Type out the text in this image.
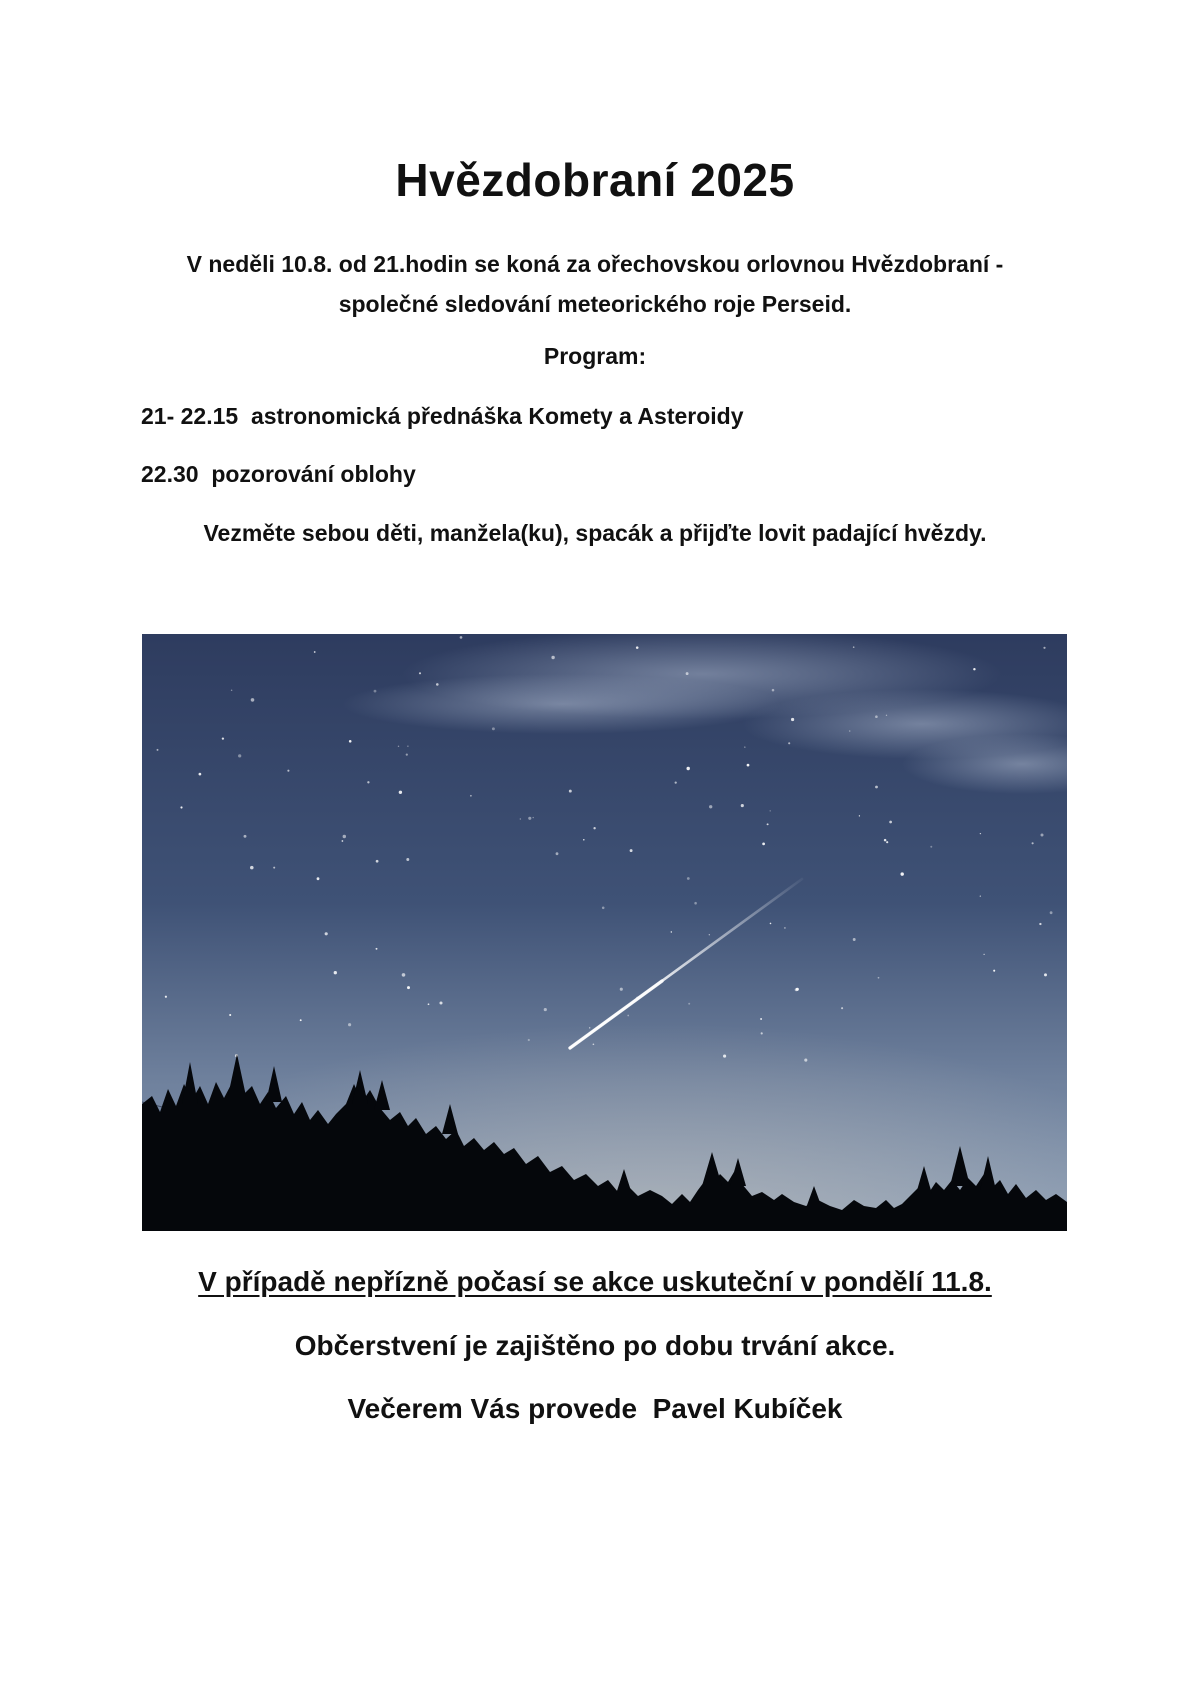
Hvězdobraní 2025
V neděli 10.8. od 21.hodin se koná za ořechovskou orlovnou Hvězdobraní -
společné sledování meteorického roje Perseid.
Program:
21- 22.15  astronomická přednáška Komety a Asteroidy
22.30  pozorování oblohy
Vezměte sebou děti, manžela(ku), spacák a přijďte lovit padající hvězdy.
V případě nepřízně počasí se akce uskuteční v pondělí 11.8.
Občerstvení je zajištěno po dobu trvání akce.
Večerem Vás provede  Pavel Kubíček
